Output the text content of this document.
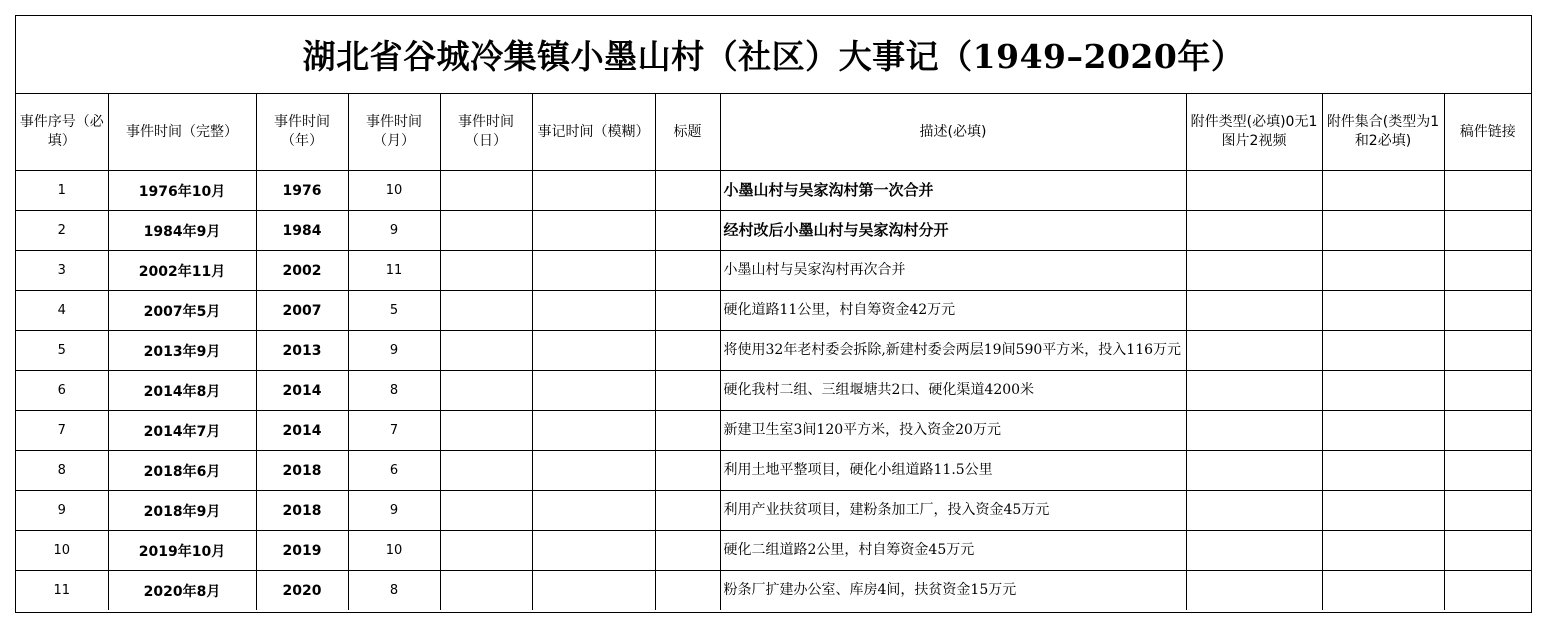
湖北省谷城冷集镇小墨山村（社区）大事记（1949–2020年）
事件序号（必填）	事件时间（完整）	事件时间（年）	事件时间（月）	事件时间（日）	事记时间（模糊）	标题	描述(必填)	附件类型(必填)0无1图片2视频	附件集合(类型为1和2必填)	稿件链接
1	1976年10月	1976	10				小墨山村与吴家沟村第一次合并			
2	1984年9月	1984	9				经村改后小墨山村与吴家沟村分开			
3	2002年11月	2002	11				小墨山村与吴家沟村再次合并			
4	2007年5月	2007	5				硬化道路11公里，村自筹资金42万元			
5	2013年9月	2013	9				将使用32年老村委会拆除,新建村委会两层19间590平方米，投入116万元			
6	2014年8月	2014	8				硬化我村二组、三组堰塘共2口、硬化渠道4200米			
7	2014年7月	2014	7				新建卫生室3间120平方米，投入资金20万元			
8	2018年6月	2018	6				利用土地平整项目，硬化小组道路11.5公里			
9	2018年9月	2018	9				利用产业扶贫项目，建粉条加工厂，投入资金45万元			
10	2019年10月	2019	10				硬化二组道路2公里，村自筹资金45万元			
11	2020年8月	2020	8				粉条厂扩建办公室、库房4间，扶贫资金15万元			
